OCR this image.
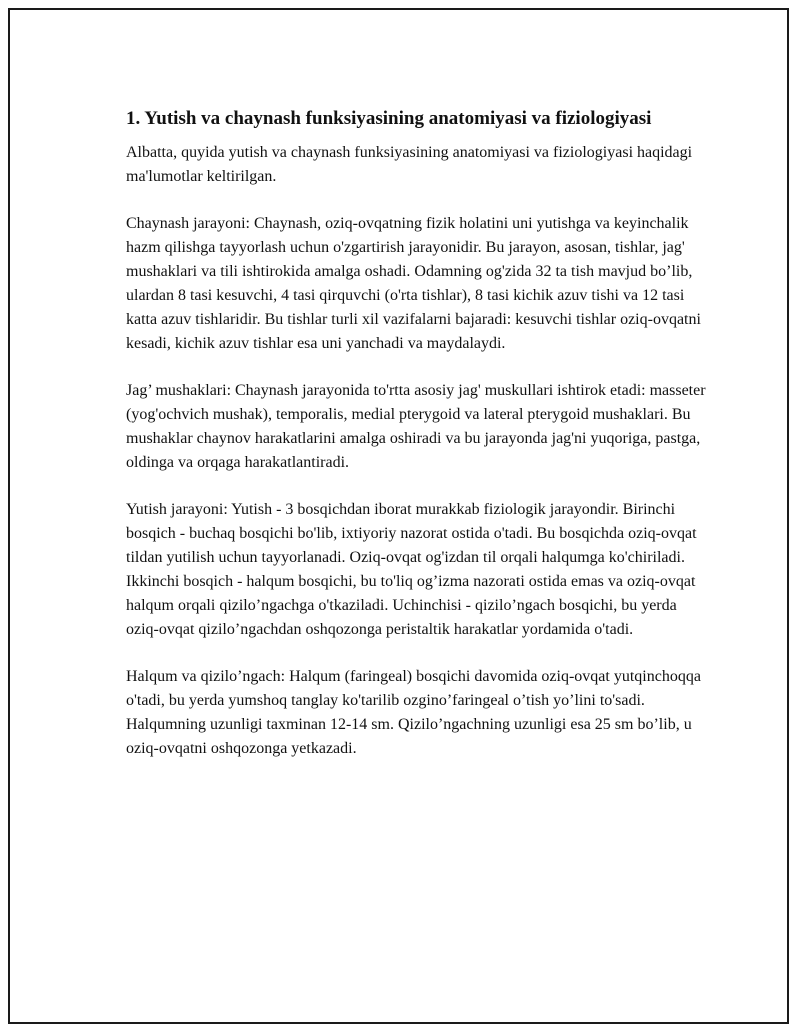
1. Yutish va chaynash funksiyasining anatomiyasi va fiziologiyasi

Albatta, quyida yutish va chaynash funksiyasining anatomiyasi va fiziologiyasi haqidagi ma'lumotlar keltirilgan.

Chaynash jarayoni: Chaynash, oziq-ovqatning fizik holatini uni yutishga va keyinchalik hazm qilishga tayyorlash uchun o'zgartirish jarayonidir. Bu jarayon, asosan, tishlar, jag' mushaklari va tili ishtirokida amalga oshadi. Odamning og'zida 32 ta tish mavjud bo’lib, ulardan 8 tasi kesuvchi, 4 tasi qirquvchi (o'rta tishlar), 8 tasi kichik azuv tishi va 12 tasi katta azuv tishlaridir. Bu tishlar turli xil vazifalarni bajaradi: kesuvchi tishlar oziq-ovqatni kesadi, kichik azuv tishlar esa uni yanchadi va maydalaydi.

Jag’ mushaklari: Chaynash jarayonida to'rtta asosiy jag' muskullari ishtirok etadi: masseter (yog'ochvich mushak), temporalis, medial pterygoid va lateral pterygoid mushaklari. Bu mushaklar chaynov harakatlarini amalga oshiradi va bu jarayonda jag'ni yuqoriga, pastga, oldinga va orqaga harakatlantiradi.

Yutish jarayoni: Yutish - 3 bosqichdan iborat murakkab fiziologik jarayondir. Birinchi bosqich - buchaq bosqichi bo'lib, ixtiyoriy nazorat ostida o'tadi. Bu bosqichda oziq-ovqat tildan yutilish uchun tayyorlanadi. Oziq-ovqat og'izdan til orqali halqumga ko'chiriladi. Ikkinchi bosqich - halqum bosqichi, bu to'liq og’izma nazorati ostida emas va oziq-ovqat halqum orqali qizilo’ngachga o'tkaziladi. Uchinchisi - qizilo’ngach bosqichi, bu yerda oziq-ovqat qizilo’ngachdan oshqozonga peristaltik harakatlar yordamida o'tadi.

Halqum va qizilo’ngach: Halqum (faringeal) bosqichi davomida oziq-ovqat yutqinchoqqa o'tadi, bu yerda yumshoq tanglay ko'tarilib ozgino’faringeal o’tish yo’lini to'sadi. Halqumning uzunligi taxminan 12-14 sm. Qizilo’ngachning uzunligi esa 25 sm bo’lib, u oziq-ovqatni oshqozonga yetkazadi.
